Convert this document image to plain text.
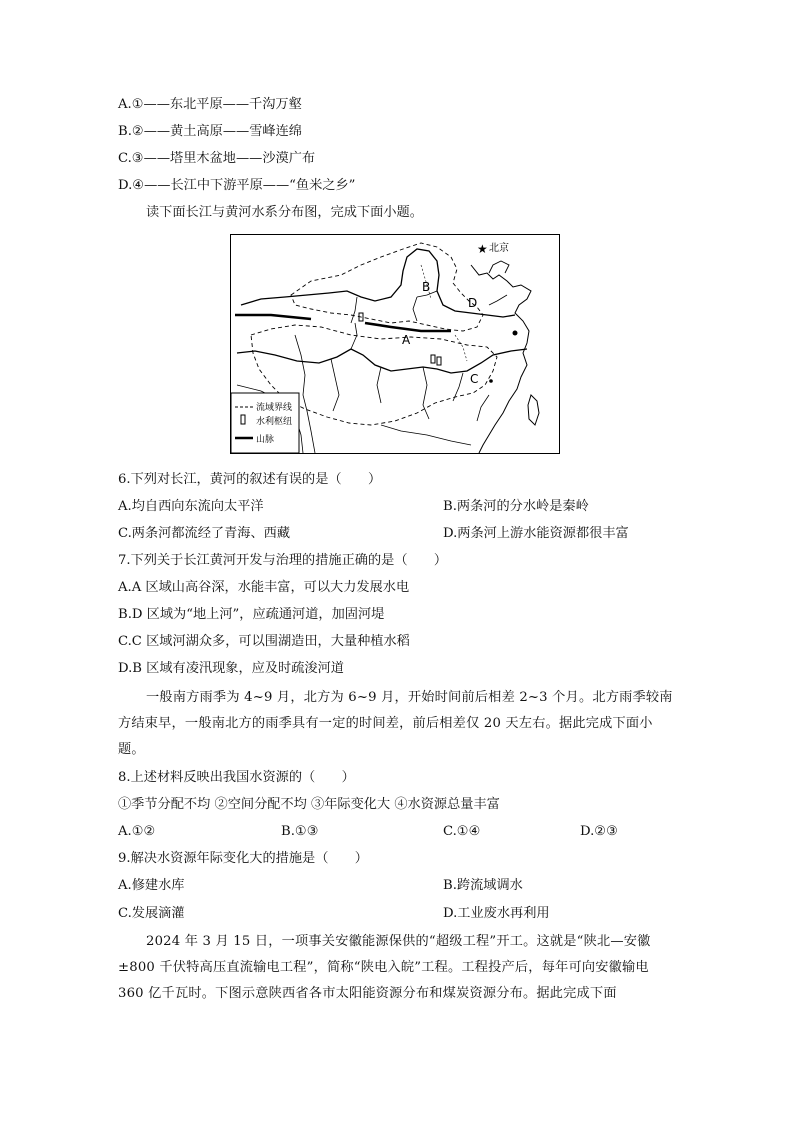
A.①——东北平原——千沟万壑
B.②——黄土高原——雪峰连绵
C.③——塔里木盆地——沙漠广布
D.④——长江中下游平原——“鱼米之乡”
读下面长江与黄河水系分布图，完成下面小题。
★ 北京
B
D
A
C
流域界线
水利枢纽
山脉
6.下列对长江，黄河的叙述有误的是（　　）
A.均自西向东流向太平洋	B.两条河的分水岭是秦岭
C.两条河都流经了青海、西藏	D.两条河上游水能资源都很丰富
7.下列关于长江黄河开发与治理的措施正确的是（　　）
A.A 区域山高谷深，水能丰富，可以大力发展水电
B.D 区域为“地上河”，应疏通河道，加固河堤
C.C 区域河湖众多，可以围湖造田，大量种植水稻
D.B 区域有凌汛现象，应及时疏浚河道
一般南方雨季为 4~9 月，北方为 6~9 月，开始时间前后相差 2~3 个月。北方雨季较南方结束早，一般南北方的雨季具有一定的时间差，前后相差仅 20 天左右。据此完成下面小题。
8.上述材料反映出我国水资源的（　　）
①季节分配不均 ②空间分配不均 ③年际变化大 ④水资源总量丰富
A.①②	B.①③	C.①④	D.②③
9.解决水资源年际变化大的措施是（　　）
A.修建水库	B.跨流域调水
C.发展滴灌	D.工业废水再利用
2024 年 3 月 15 日，一项事关安徽能源保供的“超级工程”开工。这就是“陕北—安徽±800 千伏特高压直流输电工程”，简称“陕电入皖”工程。工程投产后，每年可向安徽输电 360 亿千瓦时。下图示意陕西省各市太阳能资源分布和煤炭资源分布。据此完成下面
